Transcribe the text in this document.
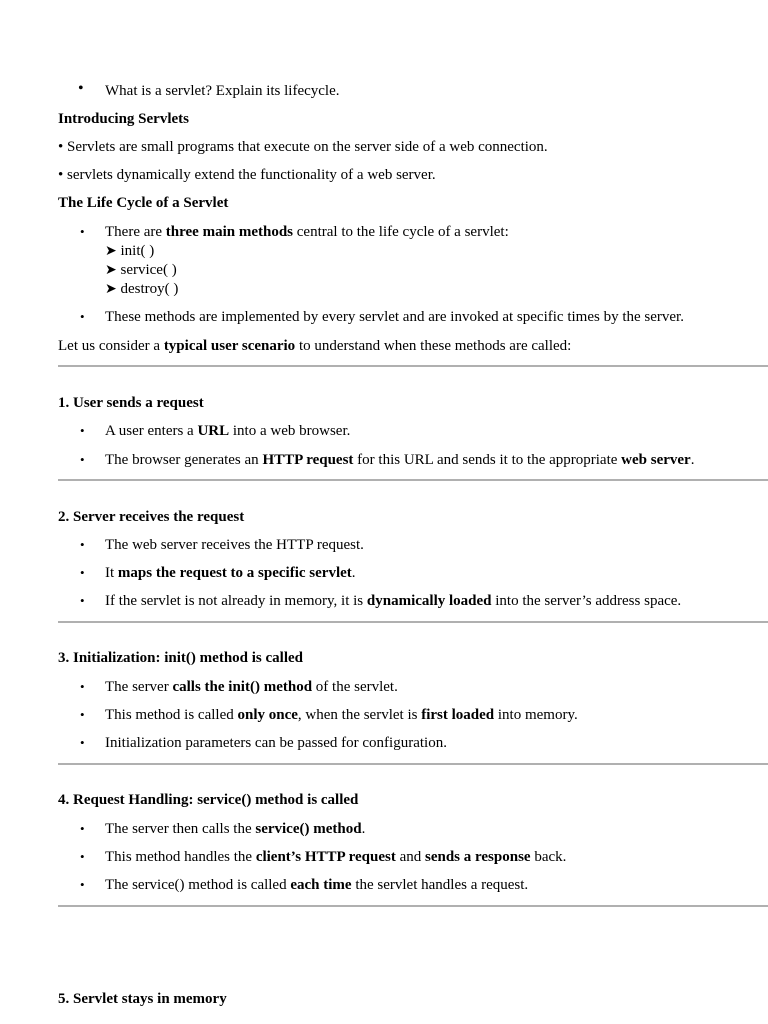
• What is a servlet? Explain its lifecycle.
Introducing Servlets
• Servlets are small programs that execute on the server side of a web connection.
• servlets dynamically extend the functionality of a web server.
The Life Cycle of a Servlet
• There are three main methods central to the life cycle of a servlet:
➤ init( )
➤ service( )
➤ destroy( )
• These methods are implemented by every servlet and are invoked at specific times by the server.
Let us consider a typical user scenario to understand when these methods are called:
1. User sends a request
• A user enters a URL into a web browser.
• The browser generates an HTTP request for this URL and sends it to the appropriate web server.
2. Server receives the request
• The web server receives the HTTP request.
• It maps the request to a specific servlet.
• If the servlet is not already in memory, it is dynamically loaded into the server’s address space.
3. Initialization: init() method is called
• The server calls the init() method of the servlet.
• This method is called only once, when the servlet is first loaded into memory.
• Initialization parameters can be passed for configuration.
4. Request Handling: service() method is called
• The server then calls the service() method.
• This method handles the client’s HTTP request and sends a response back.
• The service() method is called each time the servlet handles a request.
5. Servlet stays in memory
